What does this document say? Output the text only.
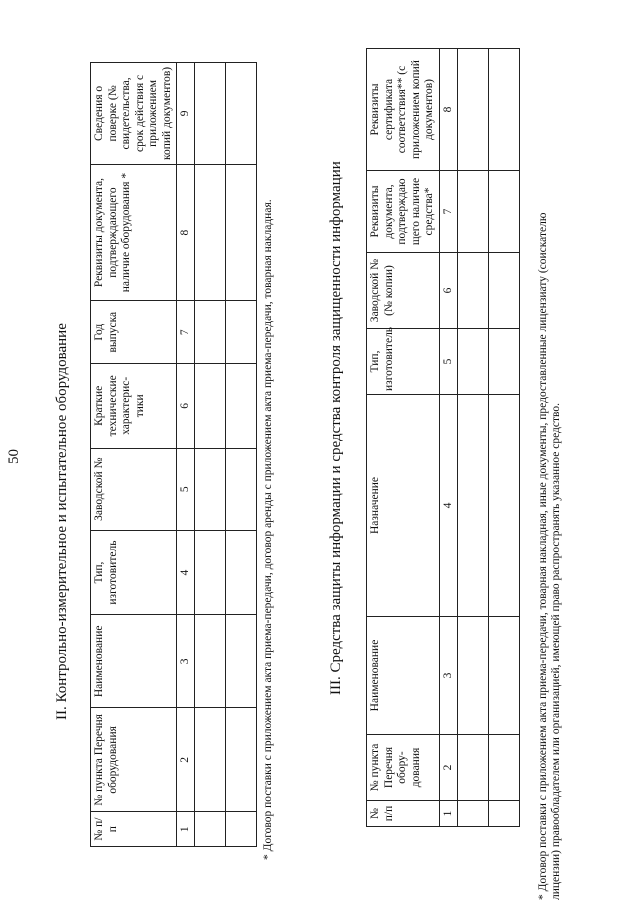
50 II. Контрольно-измерительное и испытательное оборудование
№ п/п	№ пункта Перечня оборудования	Наименование	Тип, изготовитель	Заводской №	Краткие технические характерис- тики	Год выпуска	Реквизиты документа, подтверждающего наличие оборудования *	Сведения о поверке (№ свидетельства, срок действия с приложением копий документов)
1	2	3	4	5	6	7	8	9

* Договор поставки с приложением акта приема-передачи, договор аренды с приложением акта приема-передачи, товарная накладная.	III. Средства защиты информации и средства контроля защищенности информации
№ п/п	№ пункта Перечня обору- дования	Наименование	Назначение	Тип, изготовитель	Заводской № (№ копии)	Реквизиты документа, подтверждаю щего наличие средства*	Реквизиты сертификата соответствия** (с приложением копий документов)
1	2	3	4	5	6	7	8

* Договор поставки с приложением акта приема-передачи, товарная накладная, иные документы, предоставленные лицензиату (соискателю лицензии) правообладателем или организацией, имеющей право распространять указанное средство.
